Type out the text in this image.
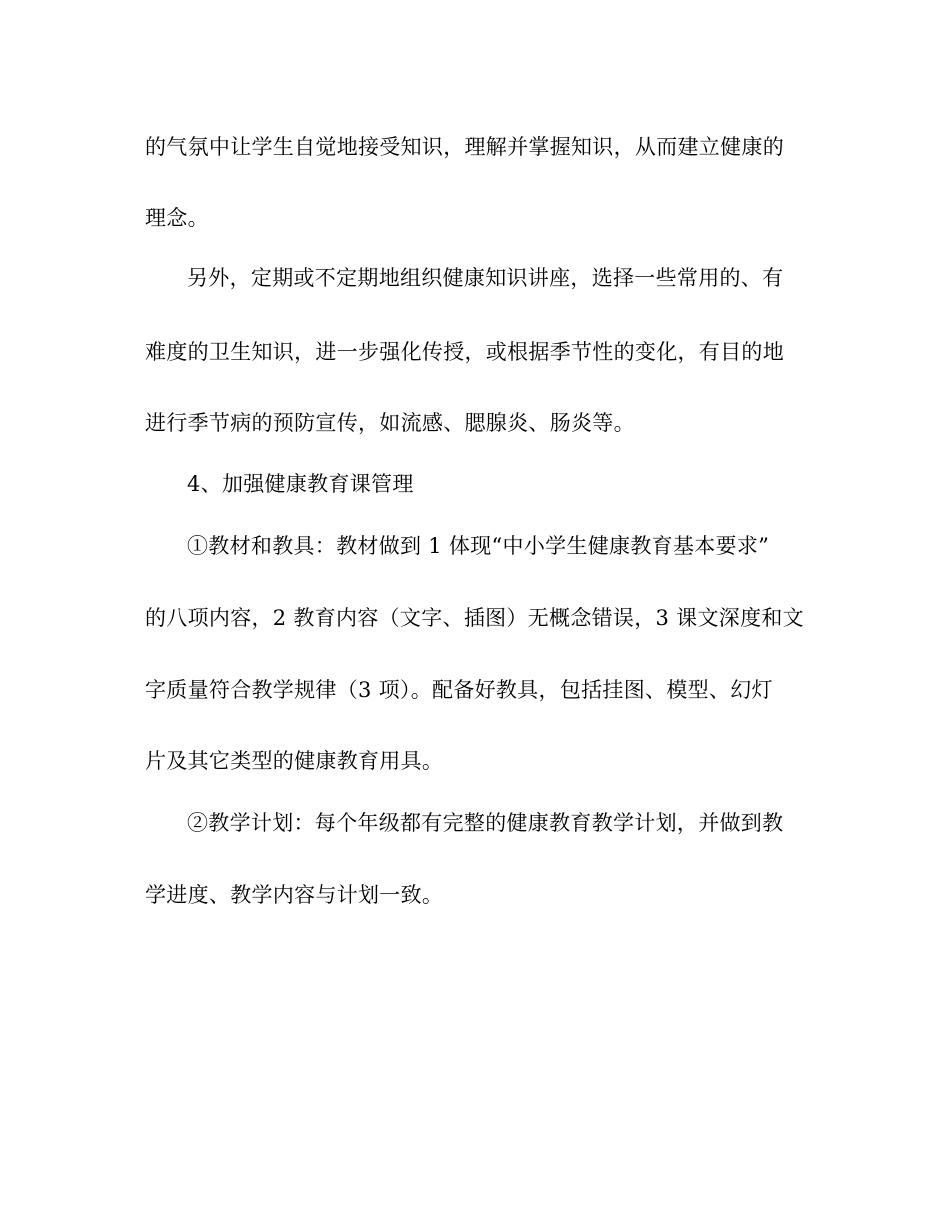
的气氛中让学生自觉地接受知识，理解并掌握知识，从而建立健康的
理念。
另外，定期或不定期地组织健康知识讲座，选择一些常用的、有
难度的卫生知识，进一步强化传授，或根据季节性的变化，有目的地
进行季节病的预防宣传，如流感、腮腺炎、肠炎等。
4、加强健康教育课管理
①教材和教具：教材做到 1 体现“中小学生健康教育基本要求”
的八项内容，2 教育内容（文字、插图）无概念错误，3 课文深度和文
字质量符合教学规律（3 项）。配备好教具，包括挂图、模型、幻灯
片及其它类型的健康教育用具。
②教学计划：每个年级都有完整的健康教育教学计划，并做到教
学进度、教学内容与计划一致。
